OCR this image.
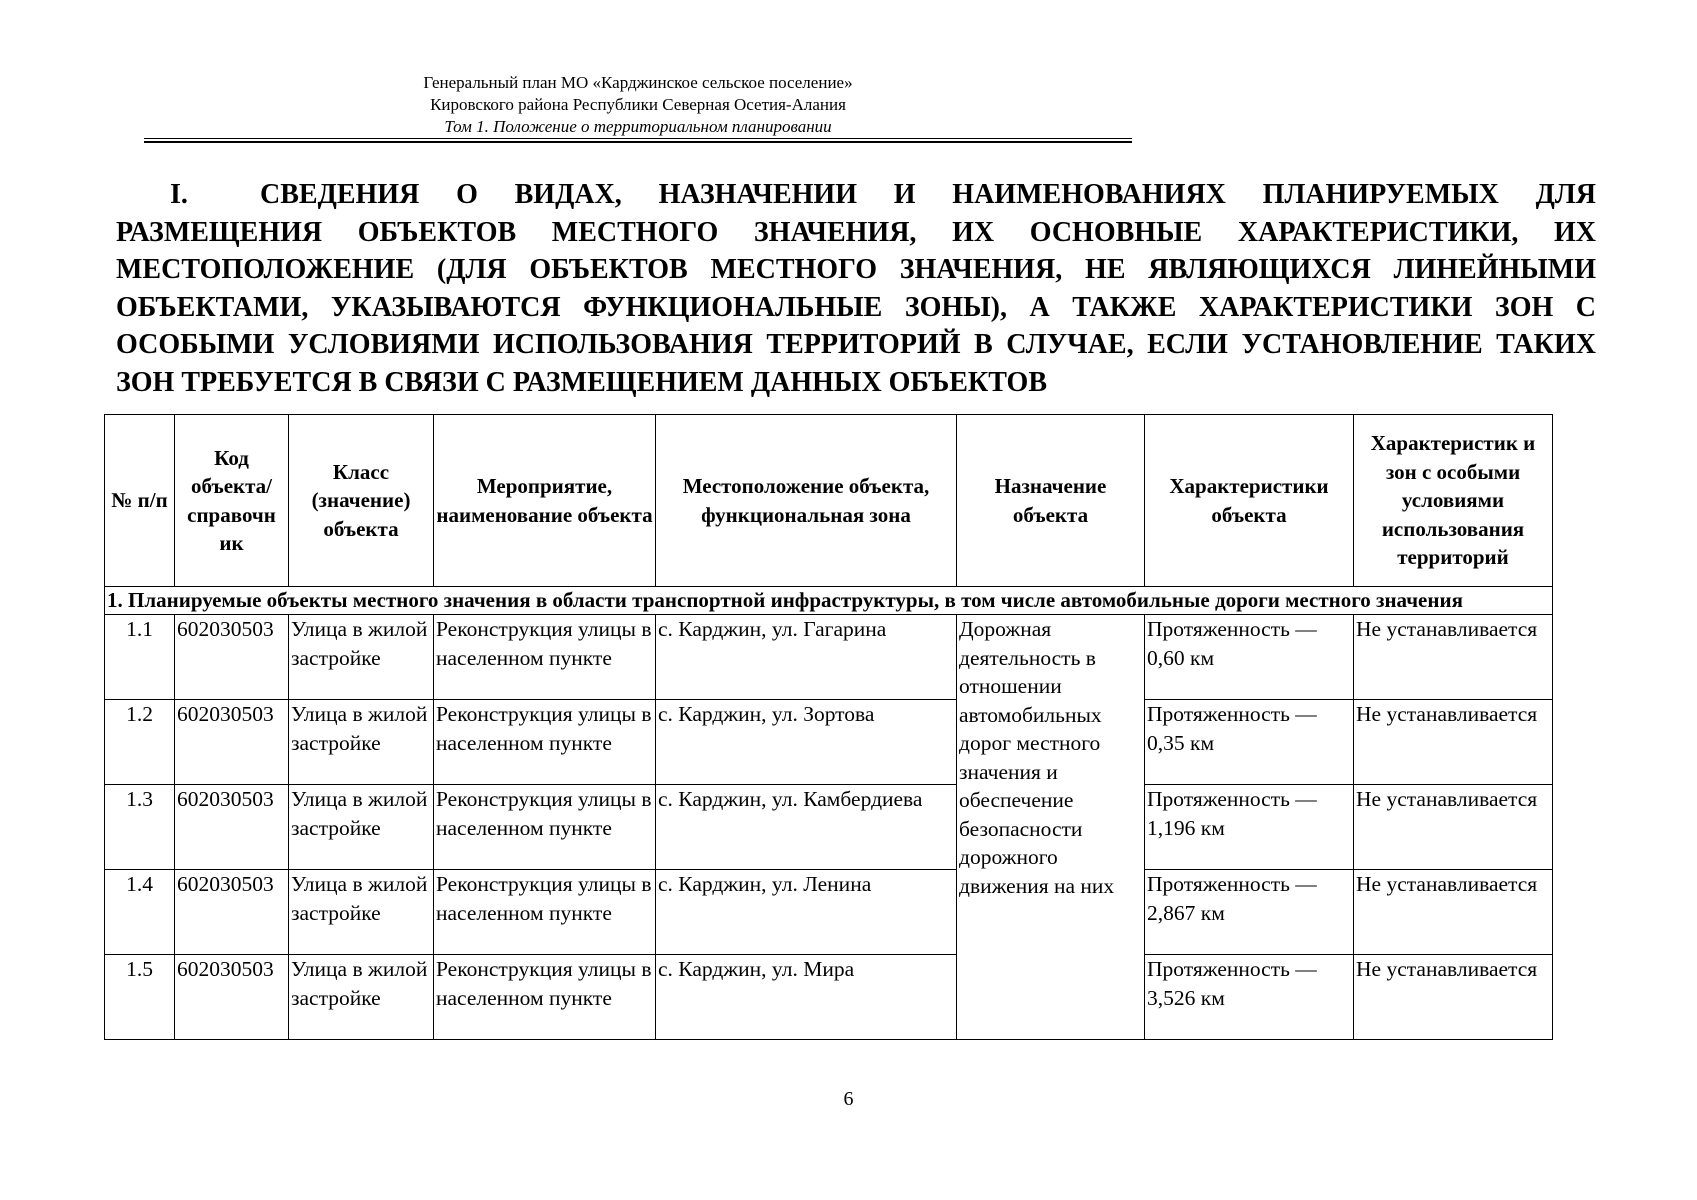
Генеральный план МО «Карджинское сельское поселение»
Кировского района Республики Северная Осетия-Алания
Том 1. Положение о территориальном планировании
I.	СВЕДЕНИЯ О ВИДАХ, НАЗНАЧЕНИИ И НАИМЕНОВАНИЯХ ПЛАНИРУЕМЫХ ДЛЯ РАЗМЕЩЕНИЯ ОБЪЕКТОВ МЕСТНОГО ЗНАЧЕНИЯ, ИХ ОСНОВНЫЕ ХАРАКТЕРИСТИКИ, ИХ МЕСТОПОЛОЖЕНИЕ (ДЛЯ ОБЪЕКТОВ МЕСТНОГО ЗНАЧЕНИЯ, НЕ ЯВЛЯЮЩИХСЯ ЛИНЕЙНЫМИ ОБЪЕКТАМИ, УКАЗЫВАЮТСЯ ФУНКЦИОНАЛЬНЫЕ ЗОНЫ), А ТАКЖЕ ХАРАКТЕРИСТИКИ ЗОН С ОСОБЫМИ УСЛОВИЯМИ ИСПОЛЬЗОВАНИЯ ТЕРРИТОРИЙ В СЛУЧАЕ, ЕСЛИ УСТАНОВЛЕНИЕ ТАКИХ ЗОН ТРЕБУЕТСЯ В СВЯЗИ С РАЗМЕЩЕНИЕМ ДАННЫХ ОБЪЕКТОВ
№ п/п	Код объекта/ справочн ик	Класс (значение) объекта	Мероприятие, наименование объекта	Местоположение объекта, функциональная зона	Назначение объекта	Характеристики объекта	Характеристик и зон с особыми условиями использования территорий
1. Планируемые объекты местного значения в области транспортной инфраструктуры, в том числе автомобильные дороги местного значения							
1.1	602030503	Улица в жилой застройке	Реконструкция улицы в населенном пункте	с. Карджин, ул. Гагарина	Дорожная деятельность в отношении автомобильных дорог местного значения и обеспечение безопасности дорожного движения на них	Протяженность — 0,60 км	Не устанавливается
1.2	602030503	Улица в жилой застройке	Реконструкция улицы в населенном пункте	с. Карджин, ул. Зортова		Протяженность — 0,35 км	Не устанавливается
1.3	602030503	Улица в жилой застройке	Реконструкция улицы в населенном пункте	с. Карджин, ул. Камбердиева		Протяженность — 1,196 км	Не устанавливается
1.4	602030503	Улица в жилой застройке	Реконструкция улицы в населенном пункте	с. Карджин, ул. Ленина		Протяженность — 2,867 км	Не устанавливается
1.5	602030503	Улица в жилой застройке	Реконструкция улицы в населенном пункте	с. Карджин, ул. Мира		Протяженность — 3,526 км	Не устанавливается
6
